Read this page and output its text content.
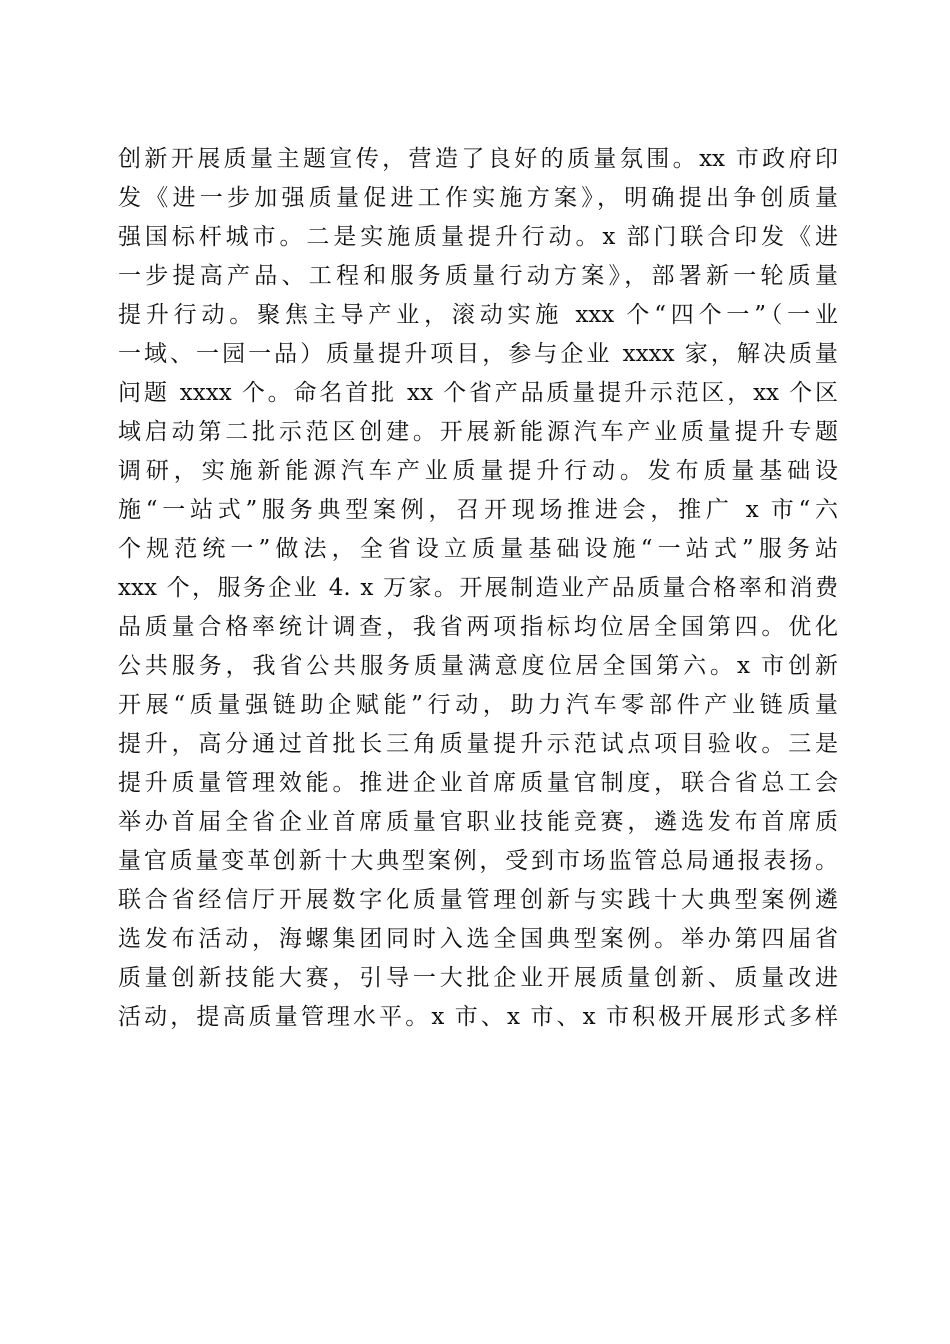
创新开展质量主题宣传，营造了良好的质量氛围。xx 市政府印
发《进一步加强质量促进工作实施方案》，明确提出争创质量
强国标杆城市。二是实施质量提升行动。x 部门联合印发《进
一步提高产品、工程和服务质量行动方案》，部署新一轮质量
提升行动。聚焦主导产业，滚动实施 xxx 个“四个一”（一业
一域、一园一品）质量提升项目，参与企业 xxxx 家，解决质量
问题 xxxx 个。命名首批 xx 个省产品质量提升示范区，xx 个区
域启动第二批示范区创建。开展新能源汽车产业质量提升专题
调研，实施新能源汽车产业质量提升行动。发布质量基础设
施“一站式”服务典型案例，召开现场推进会，推广 x 市“六
个规范统一”做法，全省设立质量基础设施“一站式”服务站
xxx 个，服务企业 4. x 万家。开展制造业产品质量合格率和消费
品质量合格率统计调查，我省两项指标均位居全国第四。优化
公共服务，我省公共服务质量满意度位居全国第六。x 市创新
开展“质量强链助企赋能”行动，助力汽车零部件产业链质量
提升，高分通过首批长三角质量提升示范试点项目验收。三是
提升质量管理效能。推进企业首席质量官制度，联合省总工会
举办首届全省企业首席质量官职业技能竞赛，遴选发布首席质
量官质量变革创新十大典型案例，受到市场监管总局通报表扬。
联合省经信厅开展数字化质量管理创新与实践十大典型案例遴
选发布活动，海螺集团同时入选全国典型案例。举办第四届省
质量创新技能大赛，引导一大批企业开展质量创新、质量改进
活动，提高质量管理水平。x 市、x 市、x 市积极开展形式多样
